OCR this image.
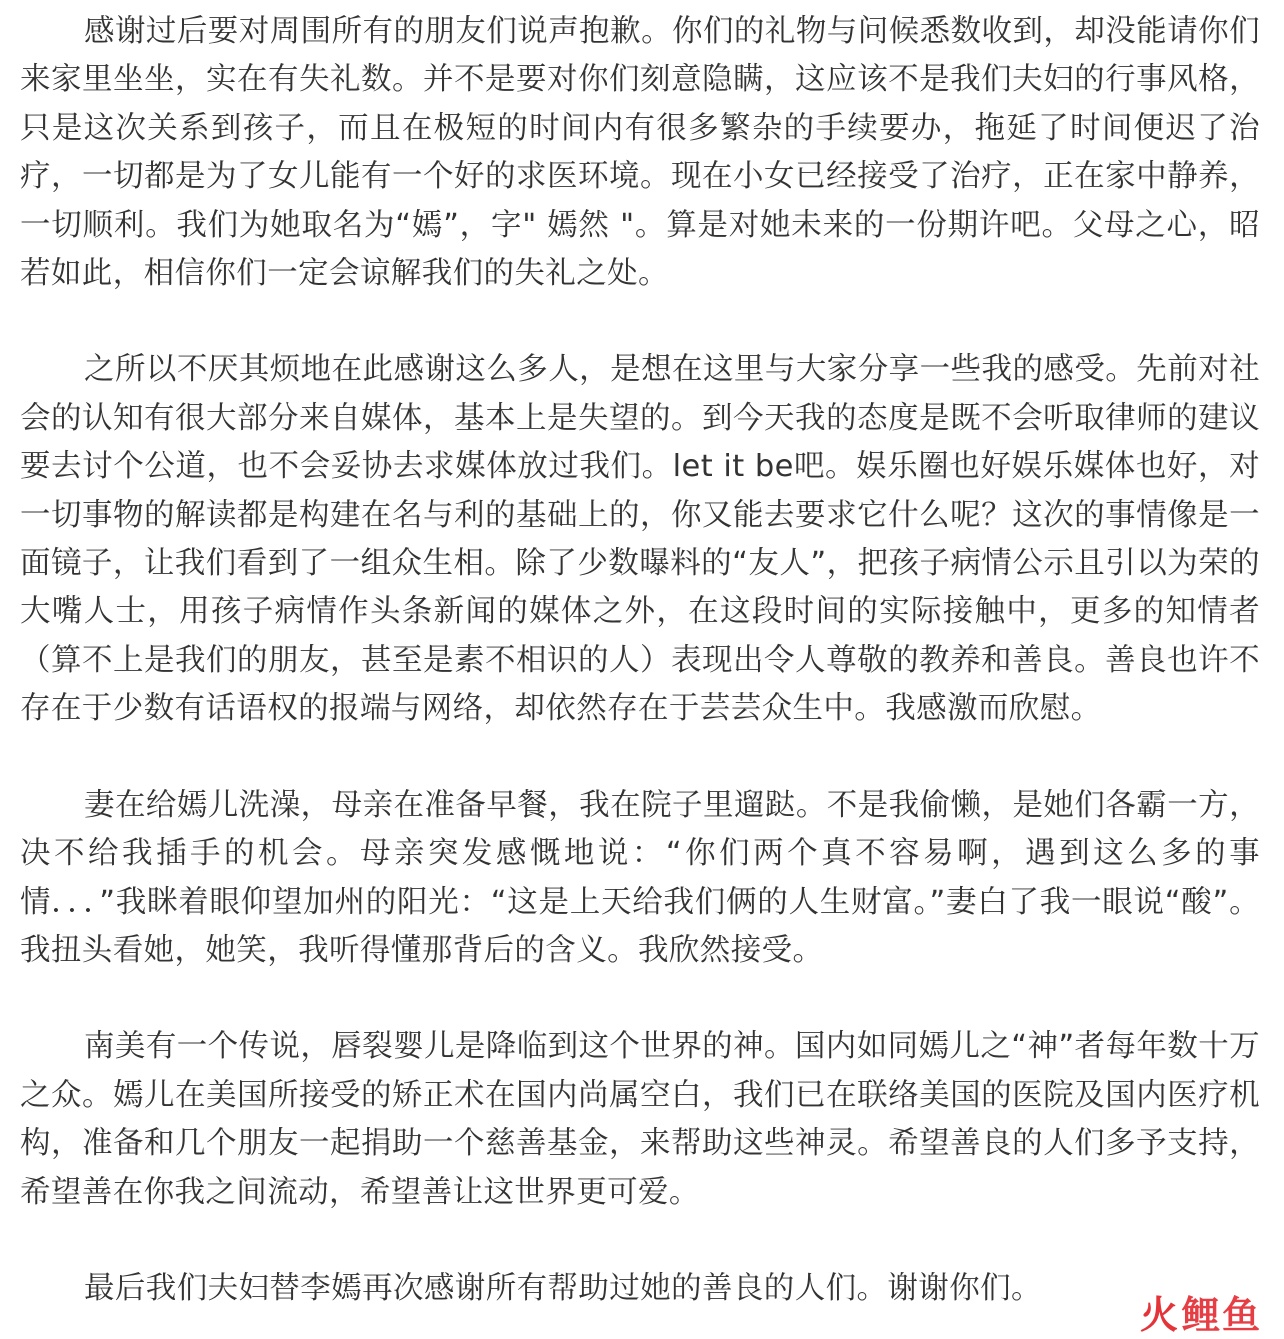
感谢过后要对周围所有的朋友们说声抱歉。你们的礼物与问候悉数收到，却没能请你们来家里坐坐，实在有失礼数。并不是要对你们刻意隐瞒，这应该不是我们夫妇的行事风格，只是这次关系到孩子，而且在极短的时间内有很多繁杂的手续要办，拖延了时间便迟了治疗，一切都是为了女儿能有一个好的求医环境。现在小女已经接受了治疗，正在家中静养，一切顺利。我们为她取名为“嫣”，字" 嫣然 "。算是对她未来的一份期许吧。父母之心，昭若如此，相信你们一定会谅解我们的失礼之处。

之所以不厌其烦地在此感谢这么多人，是想在这里与大家分享一些我的感受。先前对社会的认知有很大部分来自媒体，基本上是失望的。到今天我的态度是既不会听取律师的建议要去讨个公道，也不会妥协去求媒体放过我们。let it be吧。娱乐圈也好娱乐媒体也好，对一切事物的解读都是构建在名与利的基础上的，你又能去要求它什么呢？这次的事情像是一面镜子，让我们看到了一组众生相。除了少数曝料的“友人”，把孩子病情公示且引以为荣的大嘴人士，用孩子病情作头条新闻的媒体之外，在这段时间的实际接触中，更多的知情者（算不上是我们的朋友，甚至是素不相识的人）表现出令人尊敬的教养和善良。善良也许不存在于少数有话语权的报端与网络，却依然存在于芸芸众生中。我感激而欣慰。

妻在给嫣儿洗澡，母亲在准备早餐，我在院子里遛跶。不是我偷懒，是她们各霸一方，决不给我插手的机会。母亲突发感慨地说：“你们两个真不容易啊，遇到这么多的事情．．．”我眯着眼仰望加州的阳光：“这是上天给我们俩的人生财富。”妻白了我一眼说“酸”。我扭头看她，她笑，我听得懂那背后的含义。我欣然接受。

南美有一个传说，唇裂婴儿是降临到这个世界的神。国内如同嫣儿之“神”者每年数十万之众。嫣儿在美国所接受的矫正术在国内尚属空白，我们已在联络美国的医院及国内医疗机构，准备和几个朋友一起捐助一个慈善基金，来帮助这些神灵。希望善良的人们多予支持，希望善在你我之间流动，希望善让这世界更可爱。

最后我们夫妇替李嫣再次感谢所有帮助过她的善良的人们。谢谢你们。

火 鲤鱼
